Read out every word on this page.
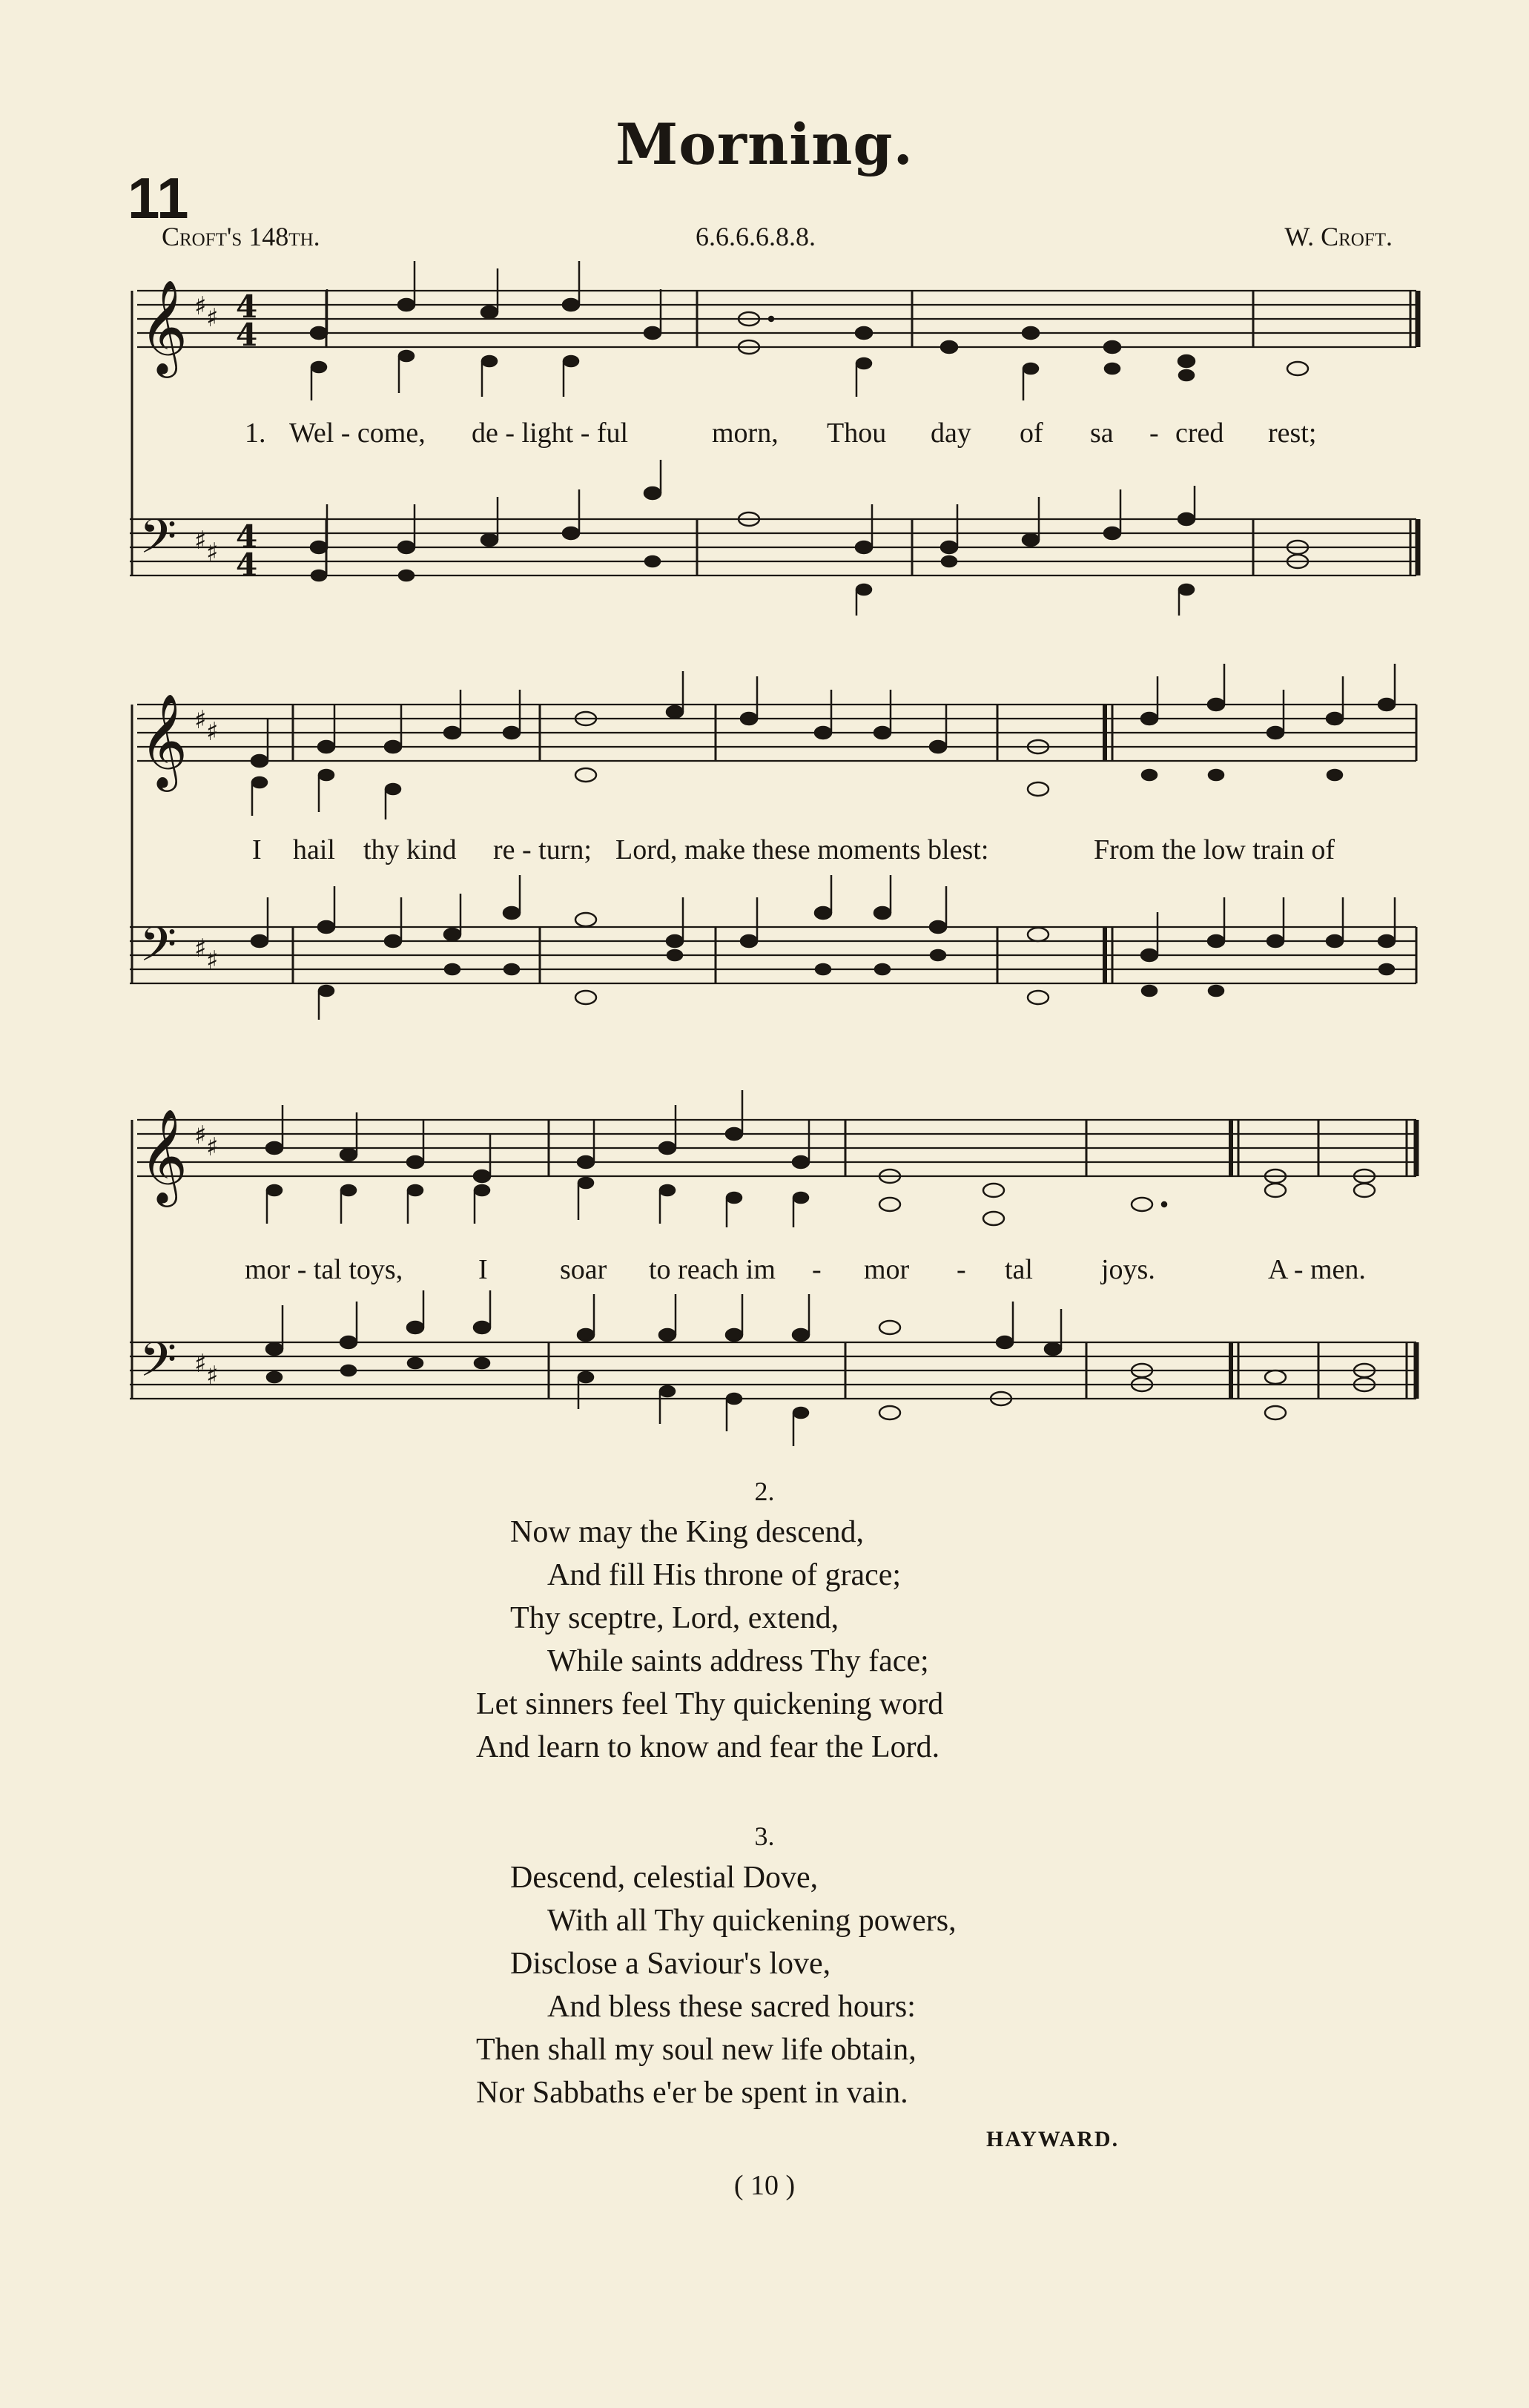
Morning.
11
Croft's 148th.	6.6.6.6.8.8.	W. Croft.
𝄞
𝄢
♯ ♯
♯ ♯
4
4
4
4
𝄞
𝄢
♯ ♯
♯ ♯
𝄞
𝄢
♯ ♯
♯ ♯
1. Wel - come, de - light - ful	morn, Thou day of sa - cred rest;
I hail thy kind re - turn; Lord, make these moments blest:	From the low train of
mor - tal toys,	I	soar to reach im - mor - tal joys.	A - men.
2.
Now may the King descend,
And fill His throne of grace;
Thy sceptre, Lord, extend,
While saints address Thy face;
Let sinners feel Thy quickening word
And learn to know and fear the Lord.
3.
Descend, celestial Dove,
With all Thy quickening powers,
Disclose a Saviour's love,
And bless these sacred hours:
Then shall my soul new life obtain,
Nor Sabbaths e'er be spent in vain.
HAYWARD.
( 10 )
